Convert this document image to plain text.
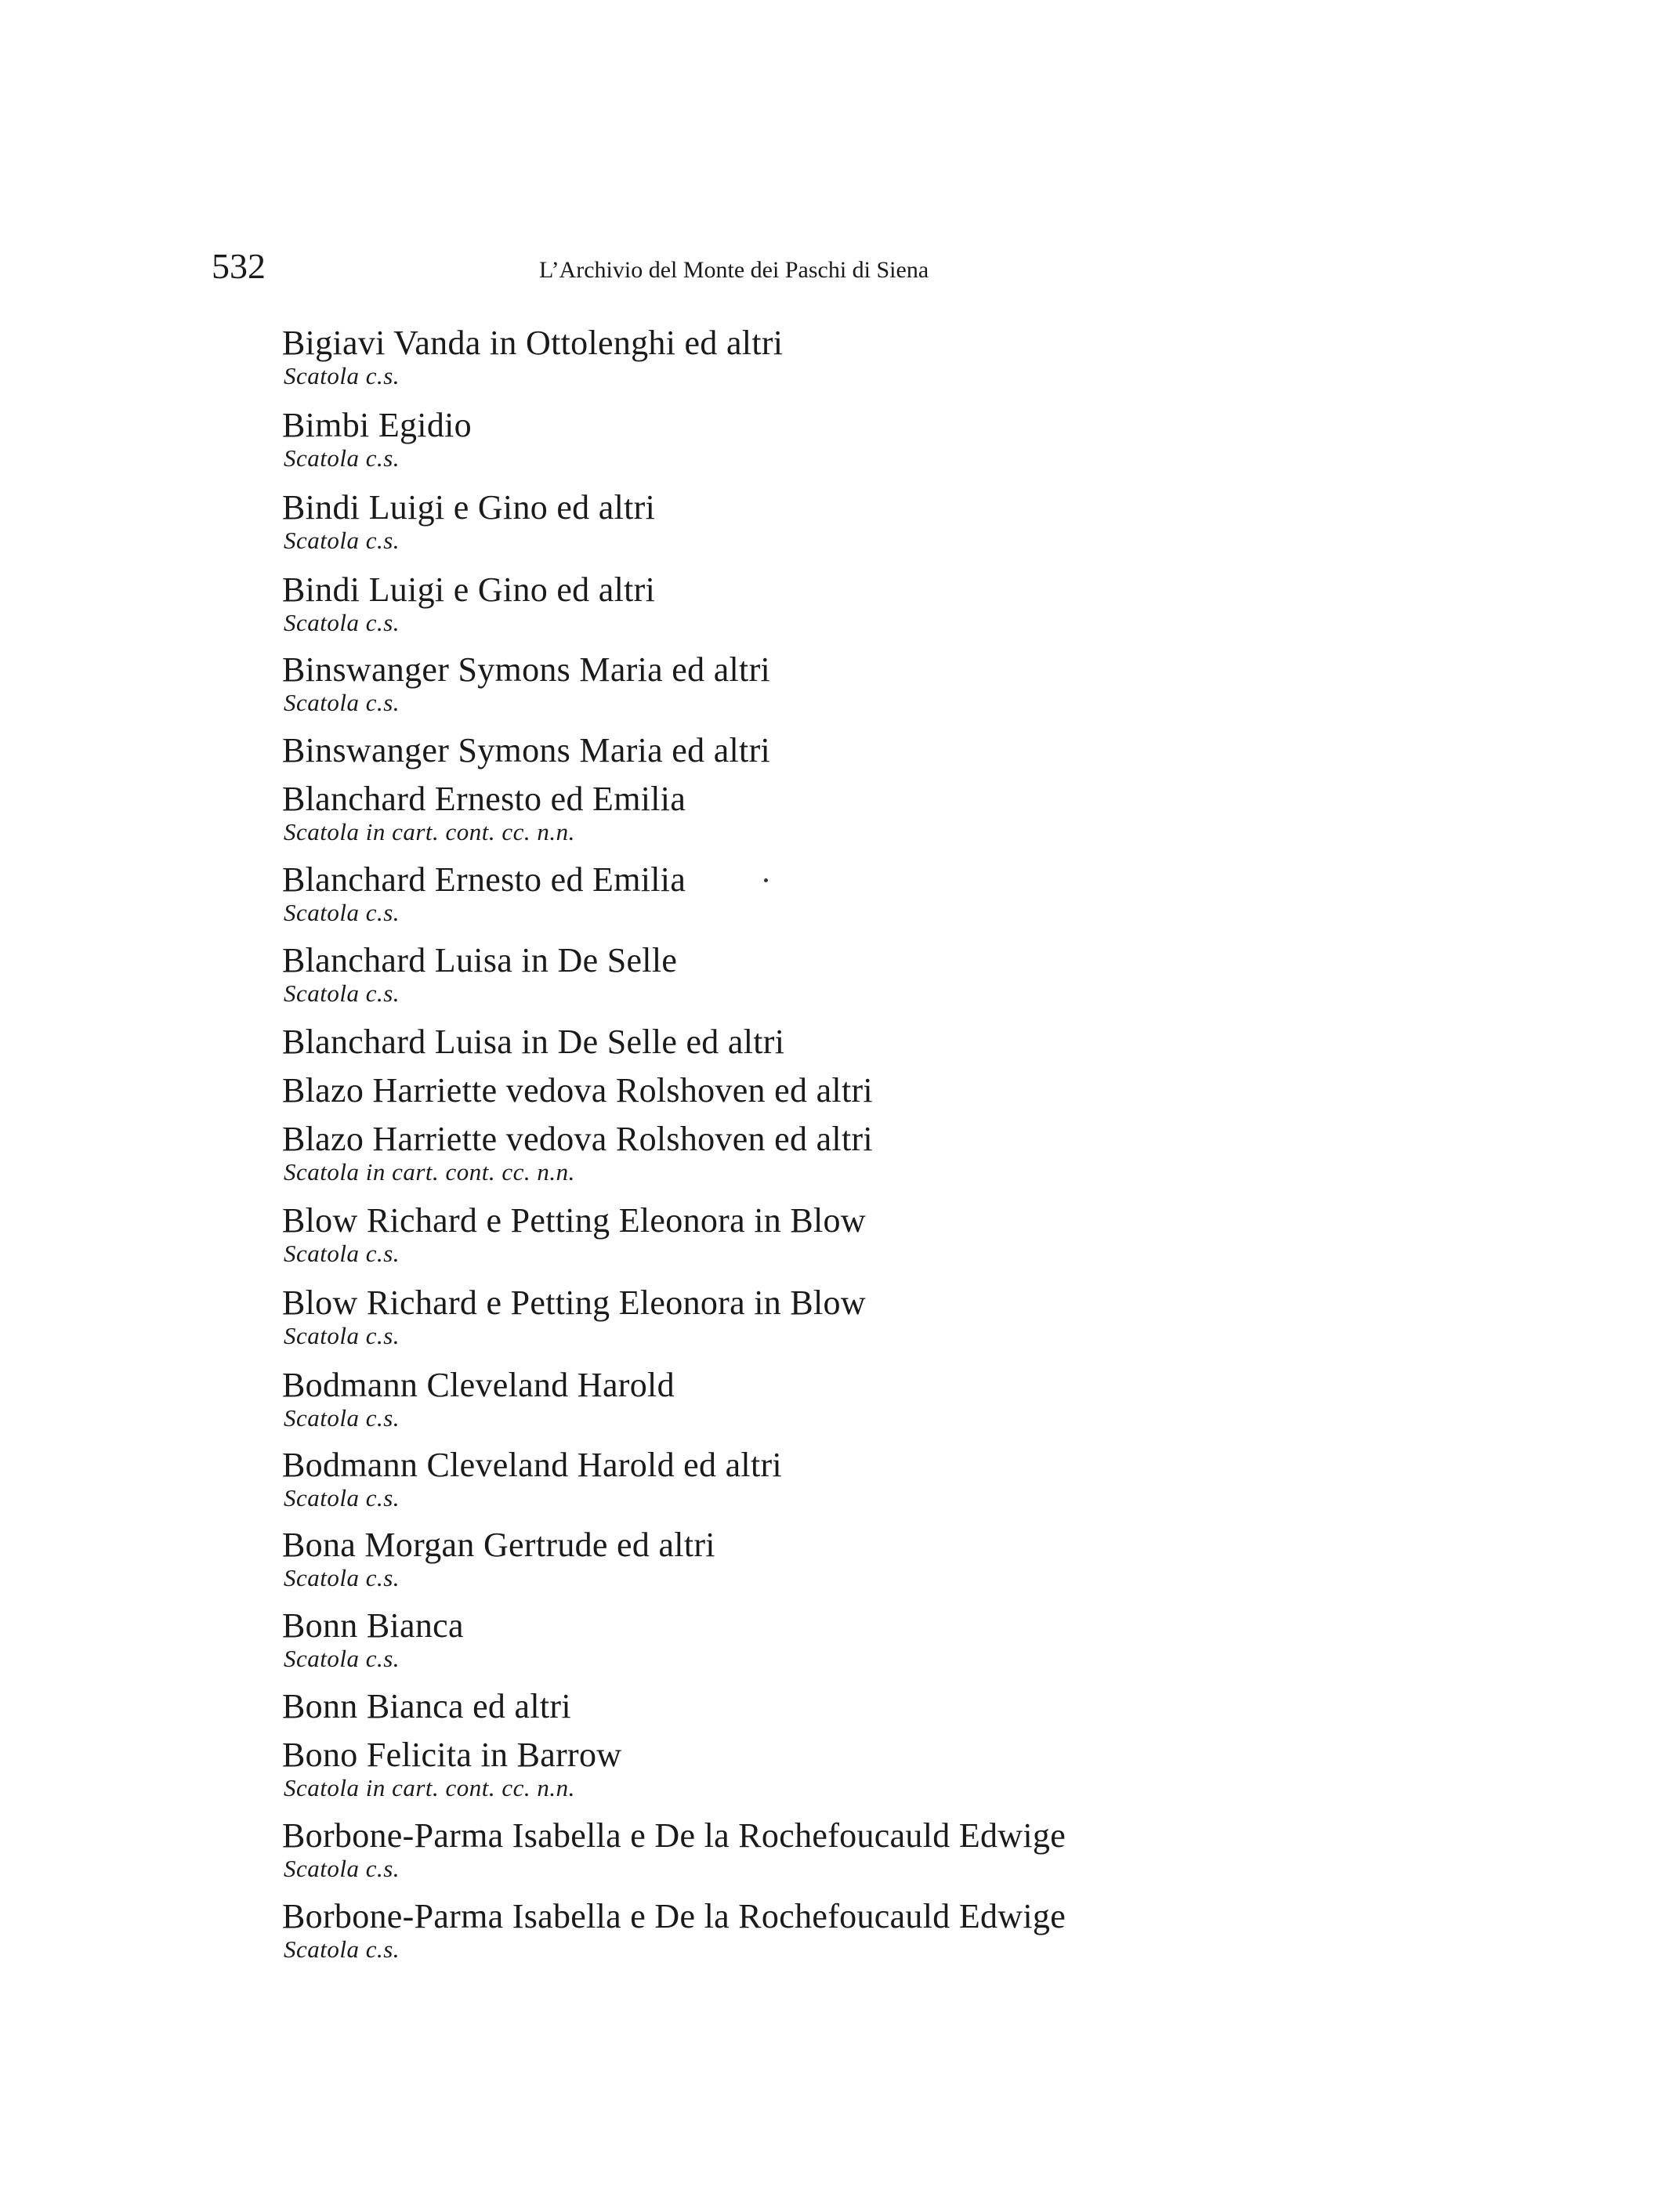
532	L’Archivio del Monte dei Paschi di Siena
Bigiavi Vanda in Ottolenghi ed altri
Scatola c.s.
Bimbi Egidio
Scatola c.s.
Bindi Luigi e Gino ed altri
Scatola c.s.
Bindi Luigi e Gino ed altri
Scatola c.s.
Binswanger Symons Maria ed altri
Scatola c.s.
Binswanger Symons Maria ed altri
Blanchard Ernesto ed Emilia
Scatola in cart. cont. cc. n.n.
Blanchard Ernesto ed Emilia
Scatola c.s.
Blanchard Luisa in De Selle
Scatola c.s.
Blanchard Luisa in De Selle ed altri
Blazo Harriette vedova Rolshoven ed altri
Blazo Harriette vedova Rolshoven ed altri
Scatola in cart. cont. cc. n.n.
Blow Richard e Petting Eleonora in Blow
Scatola c.s.
Blow Richard e Petting Eleonora in Blow
Scatola c.s.
Bodmann Cleveland Harold
Scatola c.s.
Bodmann Cleveland Harold ed altri
Scatola c.s.
Bona Morgan Gertrude ed altri
Scatola c.s.
Bonn Bianca
Scatola c.s.
Bonn Bianca ed altri
Bono Felicita in Barrow
Scatola in cart. cont. cc. n.n.
Borbone-Parma Isabella e De la Rochefoucauld Edwige
Scatola c.s.
Borbone-Parma Isabella e De la Rochefoucauld Edwige
Scatola c.s.
